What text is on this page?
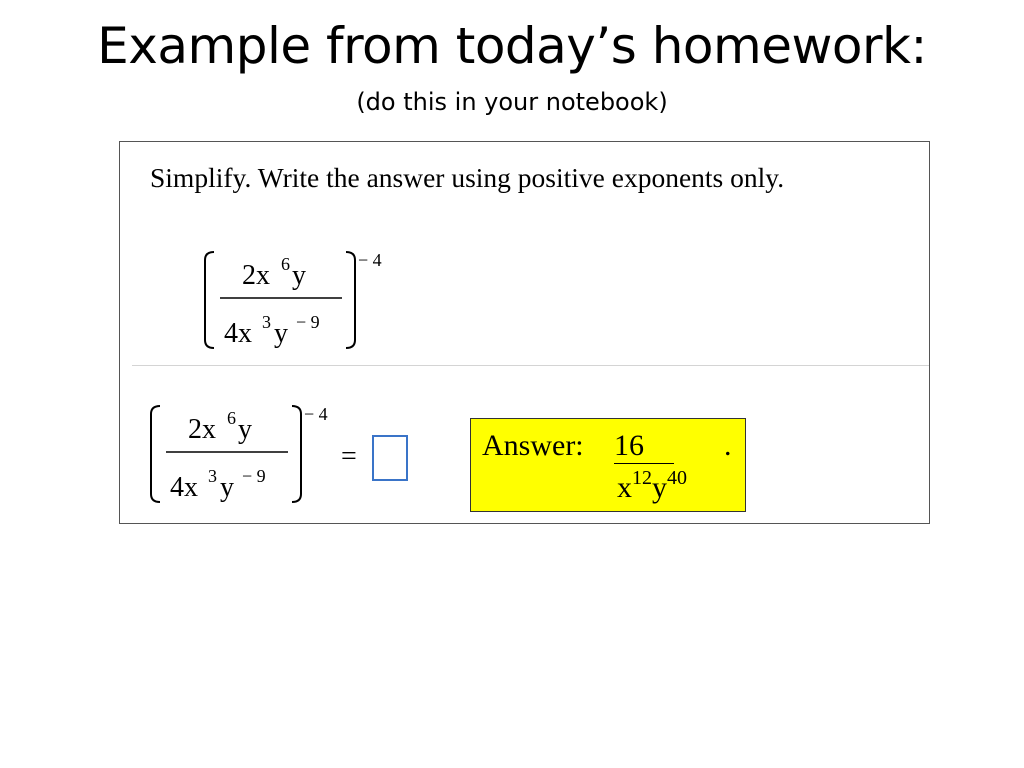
Example from today’s homework:
(do this in your notebook)
Simplify. Write the answer using positive exponents only.
2x 6 y
4x 3 y − 9
− 4
2x 6 y
4x 3 y − 9
− 4
=	Answer: 16	.
$x^{12}y^{40}$
